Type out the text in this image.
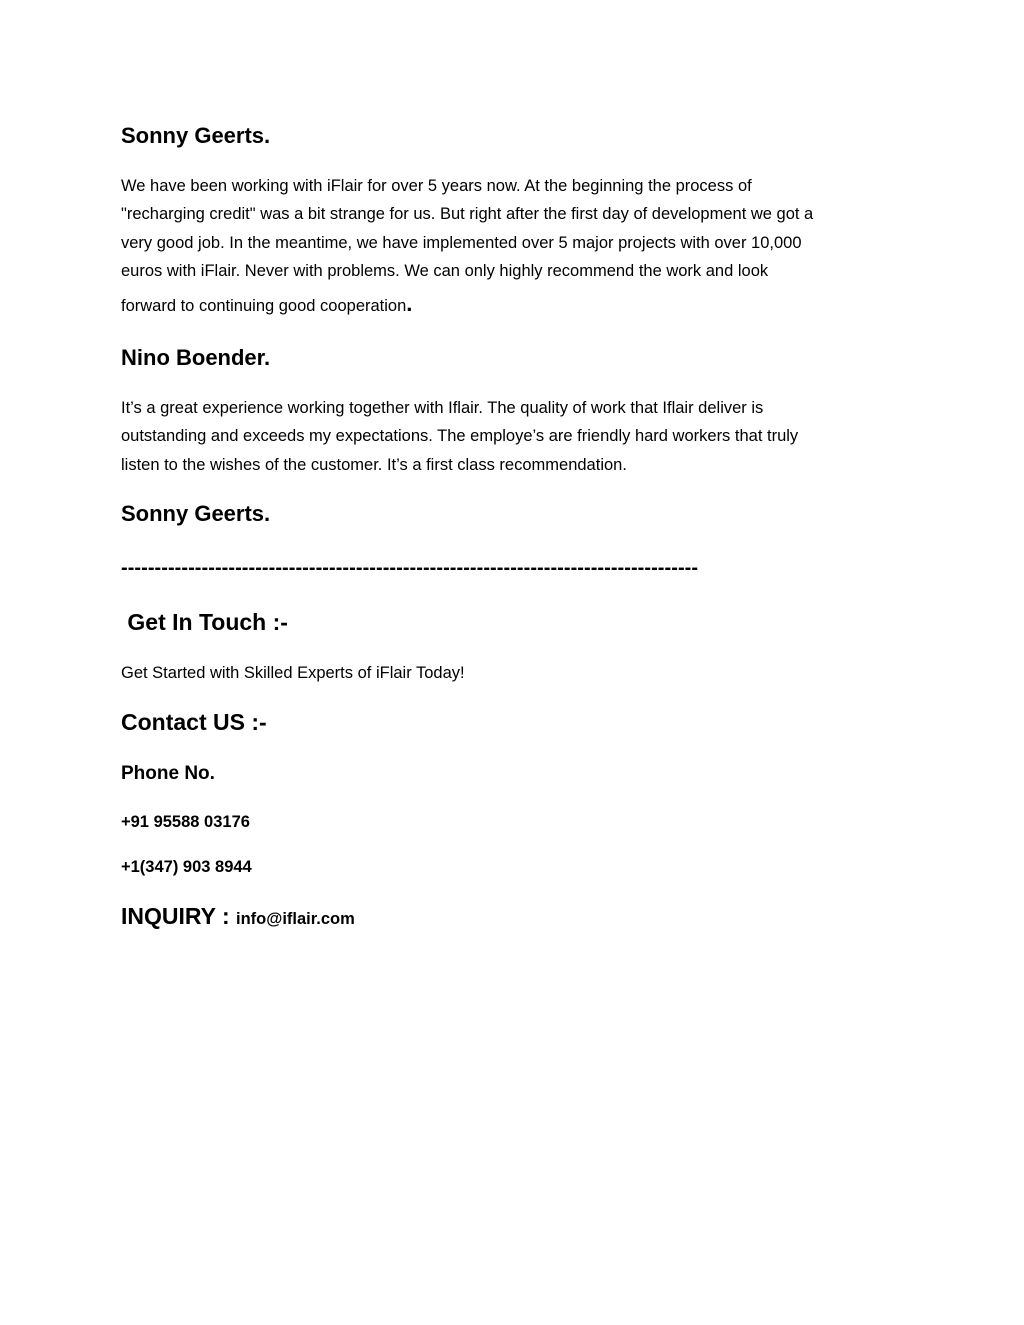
Sonny Geerts.

We have been working with iFlair for over 5 years now. At the beginning the process of
"recharging credit" was a bit strange for us. But right after the first day of development we got a
very good job. In the meantime, we have implemented over 5 major projects with over 10,000
euros with iFlair. Never with problems. We can only highly recommend the work and look
forward to continuing good cooperation.

Nino Boender.

It’s a great experience working together with Iflair. The quality of work that Iflair deliver is
outstanding and exceeds my expectations. The employe’s are friendly hard workers that truly
listen to the wishes of the customer. It’s a first class recommendation.

Sonny Geerts.

--------------------------------------------------------------------------------------

Get In Touch :-

Get Started with Skilled Experts of iFlair Today!

Contact US :-

Phone No.

+91 95588 03176

+1(347) 903 8944

INQUIRY : info@iflair.com
